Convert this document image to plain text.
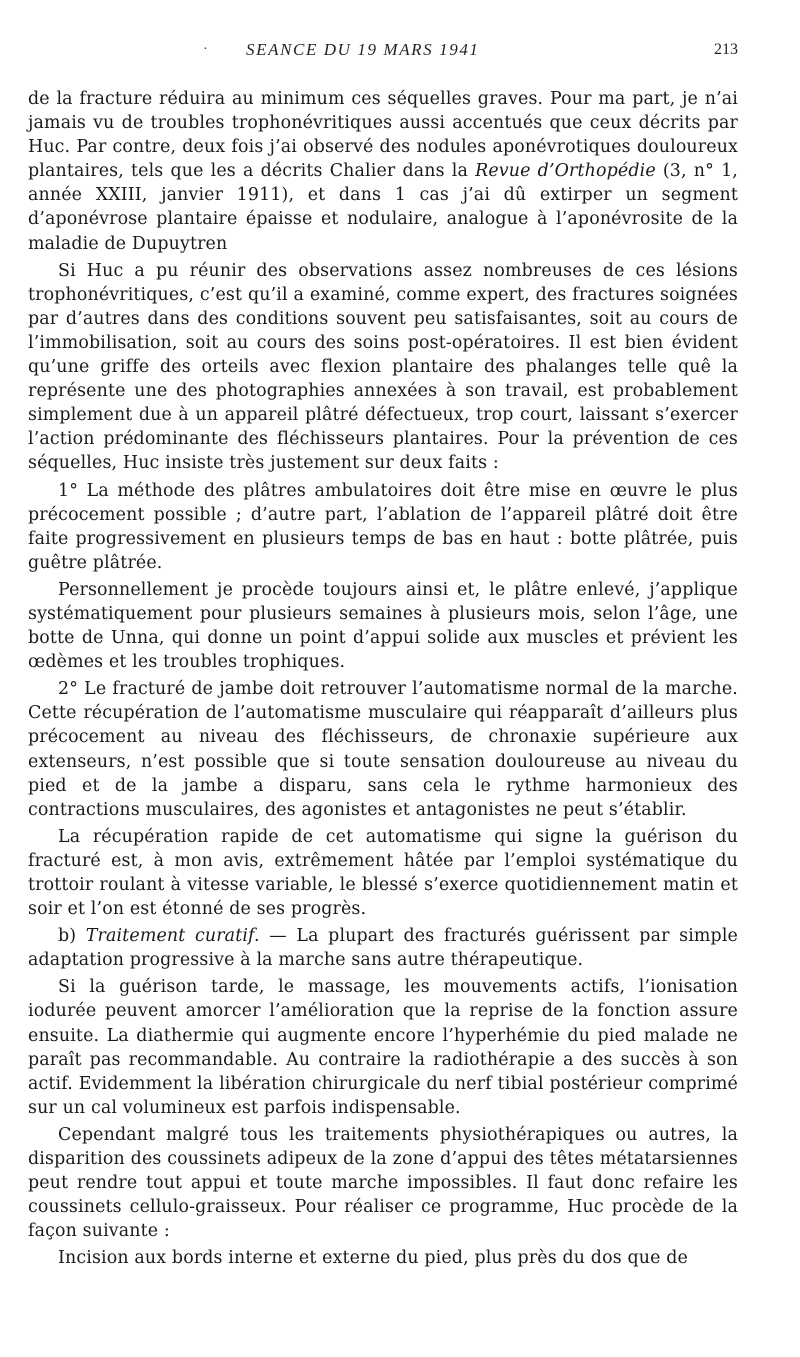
· SEANCE DU 19 MARS 1941	213

de la fracture réduira au minimum ces séquelles graves. Pour ma part, je n’ai jamais vu de troubles trophonévritiques aussi accentués que ceux décrits par Huc. Par contre, deux fois j’ai observé des nodules aponévrotiques douloureux plantaires, tels que les a décrits Chalier dans la Revue d’Orthopédie (3, n° 1, année XXIII, janvier 1911), et dans 1 cas j’ai dû extirper un segment d’aponévrose plantaire épaisse et nodulaire, analogue à l’aponévrosite de la maladie de Dupuytren

Si Huc a pu réunir des observations assez nombreuses de ces lésions trophonévritiques, c’est qu’il a examiné, comme expert, des fractures soignées par d’autres dans des conditions souvent peu satisfaisantes, soit au cours de l’immobilisation, soit au cours des soins post-opératoires. Il est bien évident qu’une griffe des orteils avec flexion plantaire des phalanges telle quê la représente une des photographies annexées à son travail, est probablement simplement due à un appareil plâtré défectueux, trop court, laissant s’exercer l’action prédominante des fléchisseurs plantaires. Pour la prévention de ces séquelles, Huc insiste très justement sur deux faits :

1° La méthode des plâtres ambulatoires doit être mise en œuvre le plus précocement possible ; d’autre part, l’ablation de l’appareil plâtré doit être faite progressivement en plusieurs temps de bas en haut : botte plâtrée, puis guêtre plâtrée.

Personnellement je procède toujours ainsi et, le plâtre enlevé, j’applique systématiquement pour plusieurs semaines à plusieurs mois, selon l’âge, une botte de Unna, qui donne un point d’appui solide aux muscles et prévient les œdèmes et les troubles trophiques.

2° Le fracturé de jambe doit retrouver l’automatisme normal de la marche. Cette récupération de l’automatisme musculaire qui réapparaît d’ailleurs plus précocement au niveau des fléchisseurs, de chronaxie supérieure aux extenseurs, n’est possible que si toute sensation douloureuse au niveau du pied et de la jambe a disparu, sans cela le rythme harmonieux des contractions musculaires, des agonistes et antagonistes ne peut s’établir.

La récupération rapide de cet automatisme qui signe la guérison du fracturé est, à mon avis, extrêmement hâtée par l’emploi systématique du trottoir roulant à vitesse variable, le blessé s’exerce quotidiennement matin et soir et l’on est étonné de ses progrès.

b) Traitement curatif. — La plupart des fracturés guérissent par simple adaptation progressive à la marche sans autre thérapeutique.

Si la guérison tarde, le massage, les mouvements actifs, l’ionisation iodurée peuvent amorcer l’amélioration que la reprise de la fonction assure ensuite. La diathermie qui augmente encore l’hyperhémie du pied malade ne paraît pas recommandable. Au contraire la radiothérapie a des succès à son actif. Evidemment la libération chirurgicale du nerf tibial postérieur comprimé sur un cal volumineux est parfois indispensable.

Cependant malgré tous les traitements physiothérapiques ou autres, la disparition des coussinets adipeux de la zone d’appui des têtes métatarsiennes peut rendre tout appui et toute marche impossibles. Il faut donc refaire les coussinets cellulo-graisseux. Pour réaliser ce programme, Huc procède de la façon suivante :

Incision aux bords interne et externe du pied, plus près du dos que de
